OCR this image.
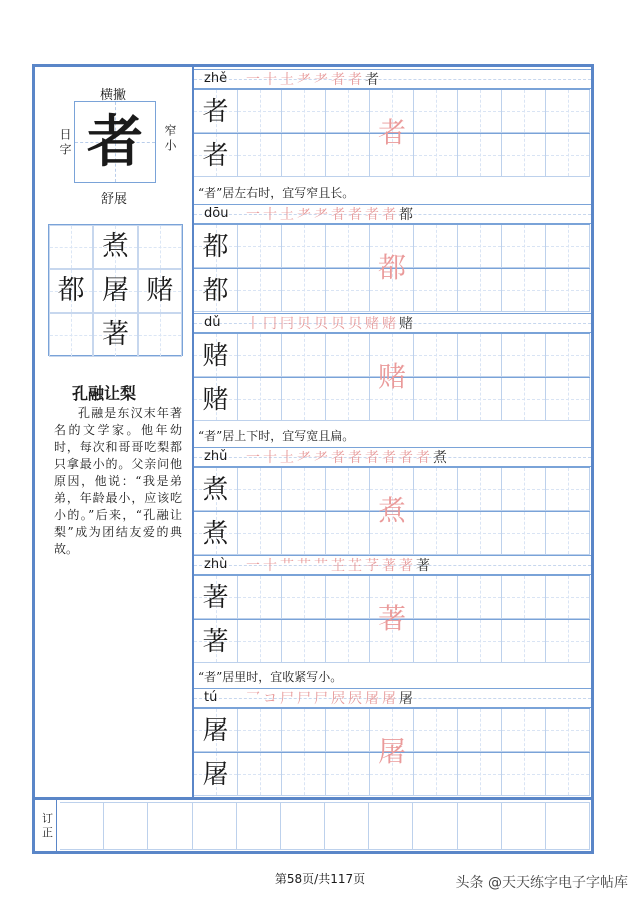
横撇
者
日字	窄小
舒展
煮
都 屠 赌
著
孔融让梨
孔融是东汉末年著名的文学家。他年幼时，每次和哥哥吃梨都只拿最小的。父亲问他原因，他说：“我是弟弟，年龄最小，应该吃小的。”后来，“孔融让梨”成为团结友爱的典故。
zhě 一十土耂耂者者者
者
者
者
“者”居左右时，宜写窄且长。
dōu 一十土耂耂者者者者都
都
都
都
dǔ 丨冂冃贝贝贝贝赌赌赌
赌
赌
赌
“者”居上下时，宜写宽且扁。
zhǔ 一十土耂耂者者者者者者煮
煮
煮
煮
zhù 一十艹艹艹芏芏芓著著著
著
著
著
“者”居里时，宜收紧写小。
tú 乛コ尸尸尸屄屄屠屠屠
屠
屠
屠
订正
第58页/共117页	头条 @天天练字电子字帖库
